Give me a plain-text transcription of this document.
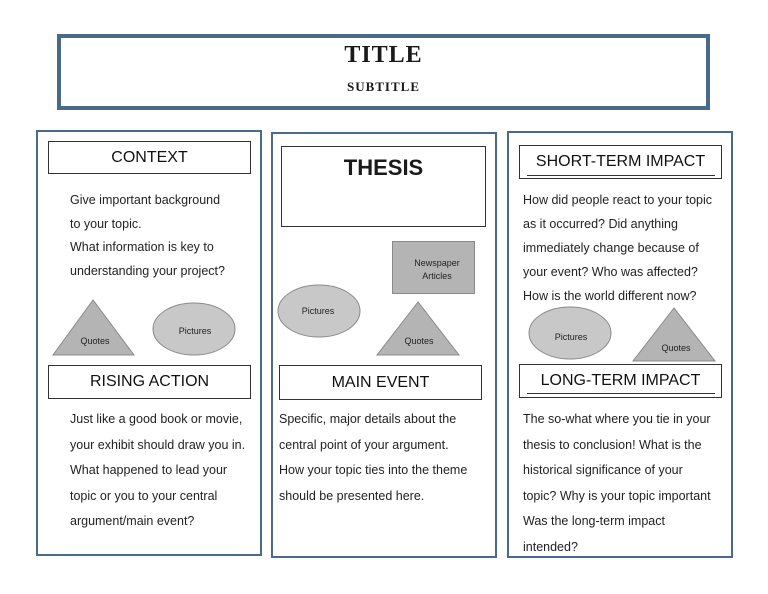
TITLE
SUBTITLE
CONTEXT

Give important background

to your topic.

What information is key to

understanding your project?

Quotes
Pictures
RISING ACTION

Just like a good book or movie,

your exhibit should draw you in.

What happened to lead your

topic or you to your central

argument/main event?

THESIS
Newspaper
Articles
Pictures
Quotes
MAIN EVENT

Specific, major details about the

central point of your argument.

How your topic ties into the theme

should be presented here.

SHORT-TERM IMPACT

How did people react to your topic

as it occurred? Did anything

immediately change because of

your event? Who was affected?

How is the world different now?

Pictures
Quotes
LONG-TERM IMPACT

The so-what where you tie in your

thesis to conclusion! What is the

historical significance of your

topic? Why is your topic important

Was the long-term impact

intended?
